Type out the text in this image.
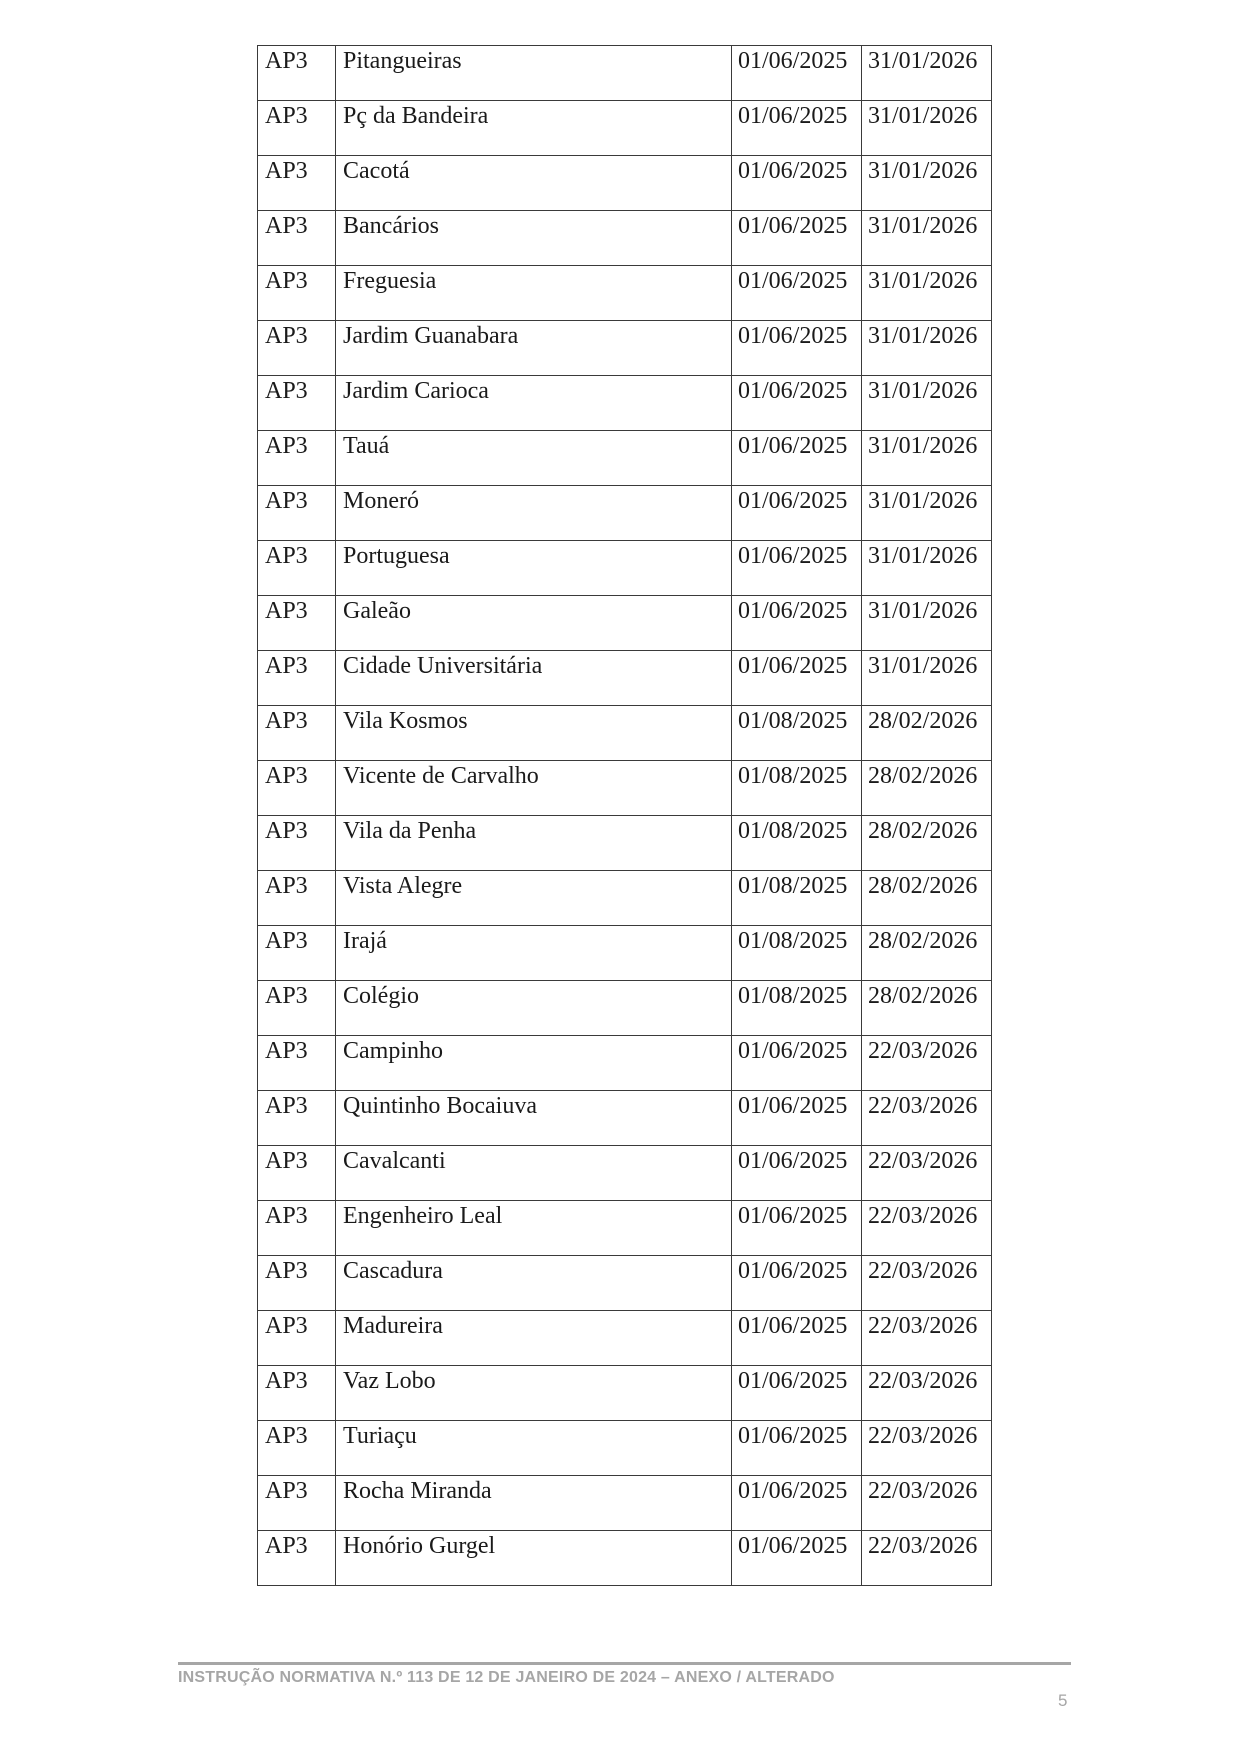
AP3	Pitangueiras	01/06/2025	31/01/2026
AP3	Pç da Bandeira	01/06/2025	31/01/2026
AP3	Cacotá	01/06/2025	31/01/2026
AP3	Bancários	01/06/2025	31/01/2026
AP3	Freguesia	01/06/2025	31/01/2026
AP3	Jardim Guanabara	01/06/2025	31/01/2026
AP3	Jardim Carioca	01/06/2025	31/01/2026
AP3	Tauá	01/06/2025	31/01/2026
AP3	Moneró	01/06/2025	31/01/2026
AP3	Portuguesa	01/06/2025	31/01/2026
AP3	Galeão	01/06/2025	31/01/2026
AP3	Cidade Universitária	01/06/2025	31/01/2026
AP3	Vila Kosmos	01/08/2025	28/02/2026
AP3	Vicente de Carvalho	01/08/2025	28/02/2026
AP3	Vila da Penha	01/08/2025	28/02/2026
AP3	Vista Alegre	01/08/2025	28/02/2026
AP3	Irajá	01/08/2025	28/02/2026
AP3	Colégio	01/08/2025	28/02/2026
AP3	Campinho	01/06/2025	22/03/2026
AP3	Quintinho Bocaiuva	01/06/2025	22/03/2026
AP3	Cavalcanti	01/06/2025	22/03/2026
AP3	Engenheiro Leal	01/06/2025	22/03/2026
AP3	Cascadura	01/06/2025	22/03/2026
AP3	Madureira	01/06/2025	22/03/2026
AP3	Vaz Lobo	01/06/2025	22/03/2026
AP3	Turiaçu	01/06/2025	22/03/2026
AP3	Rocha Miranda	01/06/2025	22/03/2026
AP3	Honório Gurgel	01/06/2025	22/03/2026
INSTRUÇÃO NORMATIVA N.º 113 DE 12 DE JANEIRO DE 2024 – ANEXO / ALTERADO
5
